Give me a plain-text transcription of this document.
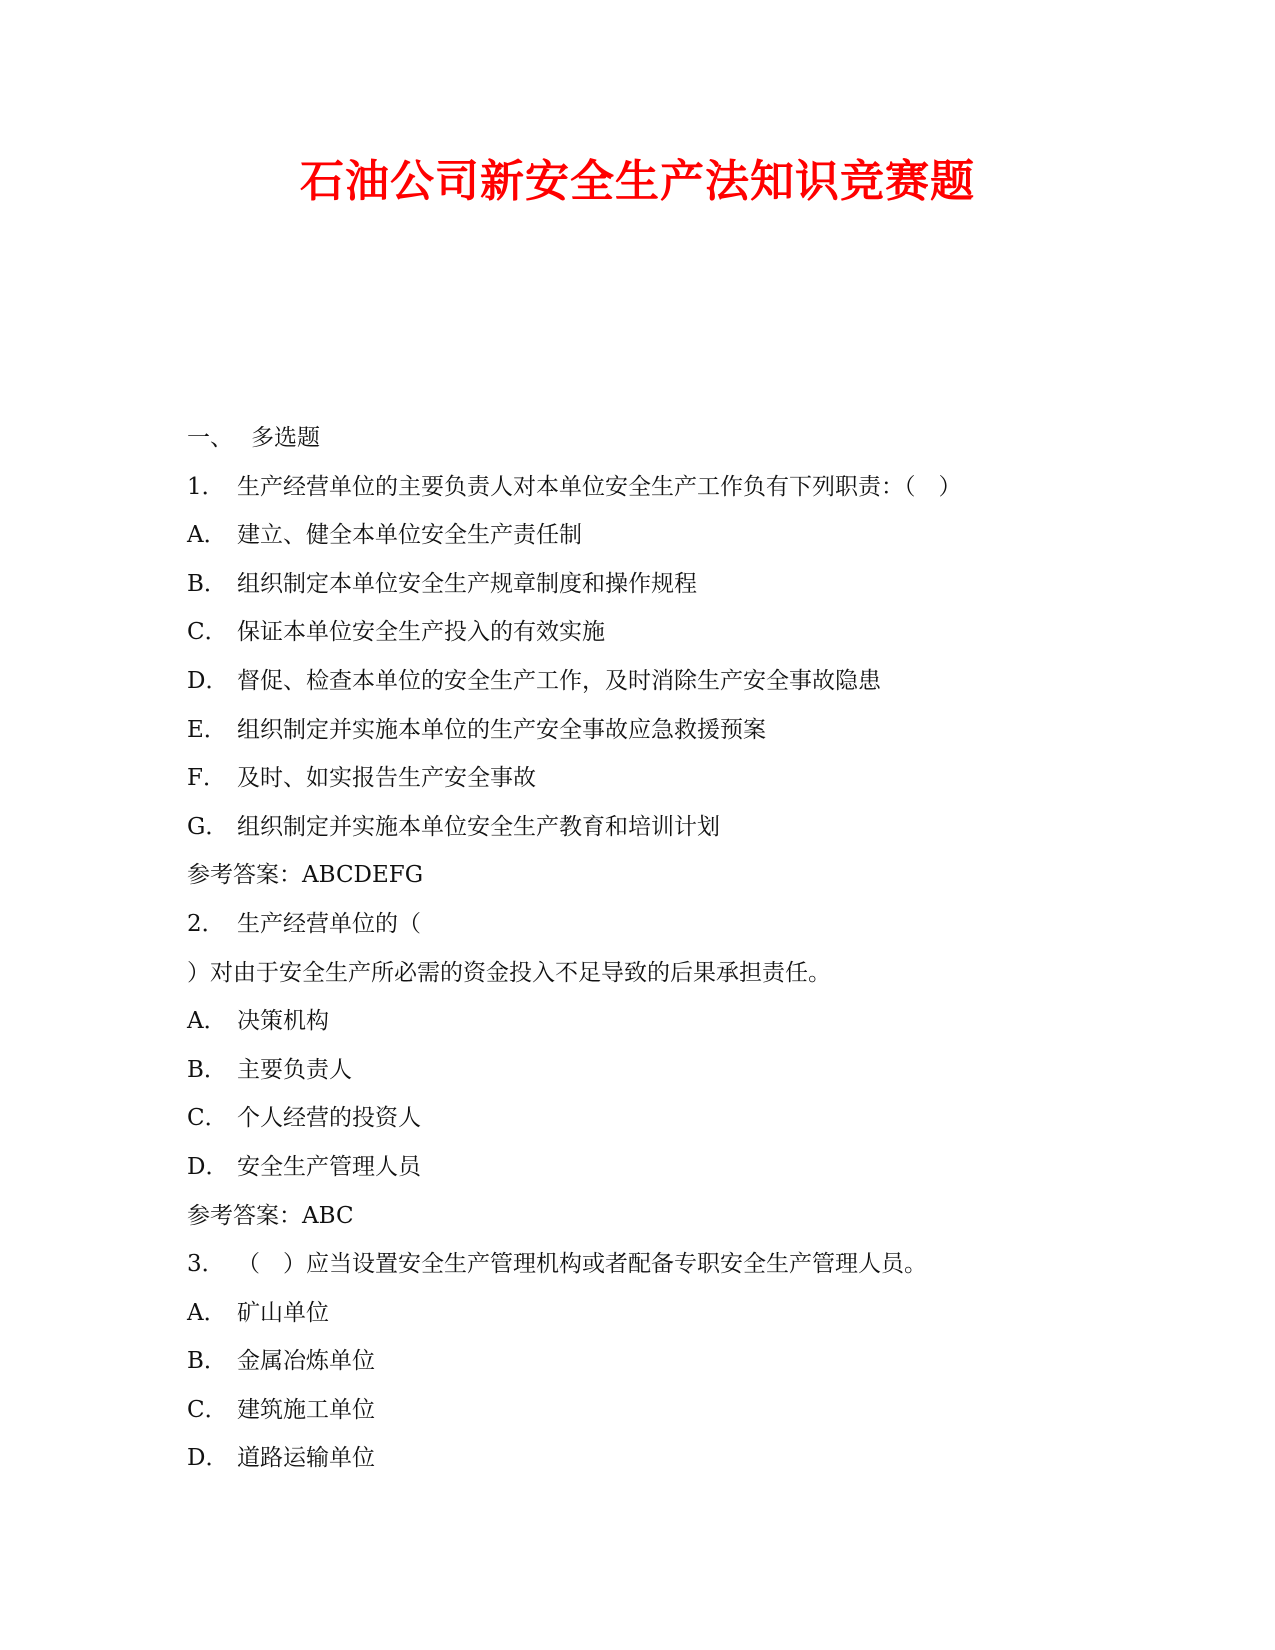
石油公司新安全生产法知识竞赛题
一、 多选题
1． 生产经营单位的主要负责人对本单位安全生产工作负有下列职责：（　）
A． 建立、健全本单位安全生产责任制
B． 组织制定本单位安全生产规章制度和操作规程
C． 保证本单位安全生产投入的有效实施
D． 督促、检查本单位的安全生产工作，及时消除生产安全事故隐患
E． 组织制定并实施本单位的生产安全事故应急救援预案
F． 及时、如实报告生产安全事故
G． 组织制定并实施本单位安全生产教育和培训计划
参考答案：ABCDEFG
2． 生产经营单位的（
）对由于安全生产所必需的资金投入不足导致的后果承担责任。
A． 决策机构
B． 主要负责人
C． 个人经营的投资人
D． 安全生产管理人员
参考答案：ABC
3． （　）应当设置安全生产管理机构或者配备专职安全生产管理人员。
A． 矿山单位
B． 金属冶炼单位
C． 建筑施工单位
D． 道路运输单位
